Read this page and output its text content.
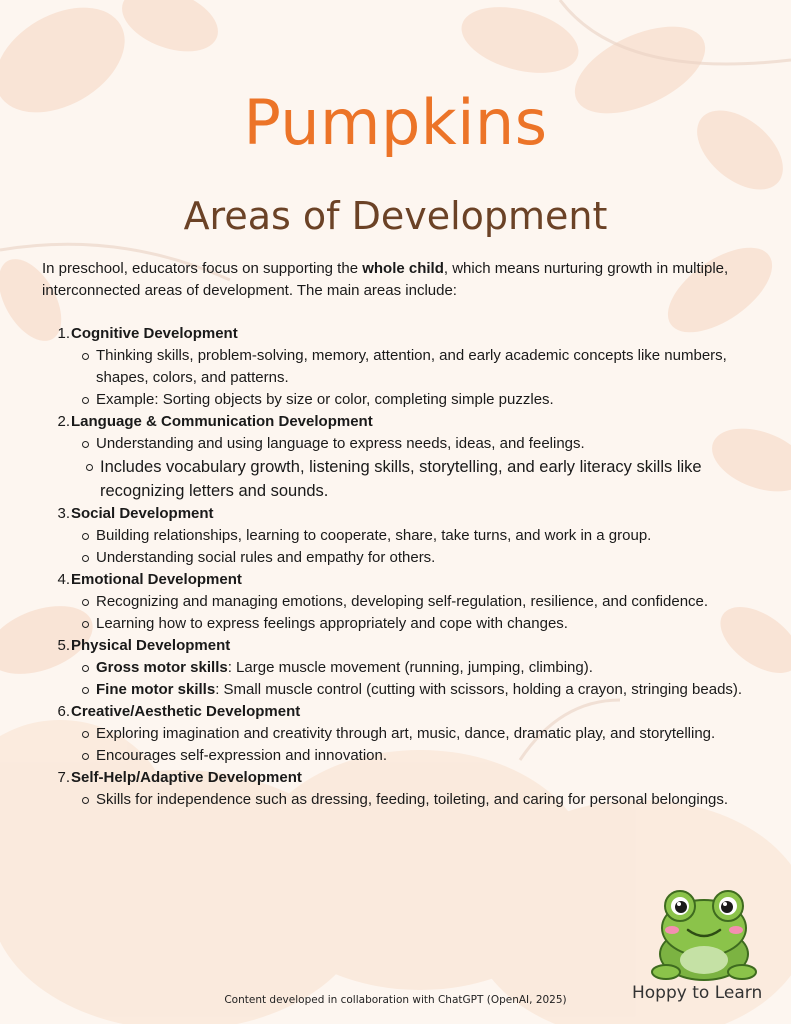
Pumpkins
Areas of Development

In preschool, educators focus on supporting the whole child, which means nurturing growth in multiple, interconnected areas of development. The main areas include:

1. Cognitive Development
Thinking skills, problem-solving, memory, attention, and early academic concepts like numbers, shapes, colors, and patterns.
Example: Sorting objects by size or color, completing simple puzzles.
2. Language & Communication Development
Understanding and using language to express needs, ideas, and feelings.
Includes vocabulary growth, listening skills, storytelling, and early literacy skills like recognizing letters and sounds.
3. Social Development
Building relationships, learning to cooperate, share, take turns, and work in a group.
Understanding social rules and empathy for others.
4. Emotional Development
Recognizing and managing emotions, developing self-regulation, resilience, and confidence.
Learning how to express feelings appropriately and cope with changes.
5. Physical Development
Gross motor skills: Large muscle movement (running, jumping, climbing).
Fine motor skills: Small muscle control (cutting with scissors, holding a crayon, stringing beads).
6. Creative/Aesthetic Development
Exploring imagination and creativity through art, music, dance, dramatic play, and storytelling.
Encourages self-expression and innovation.
7. Self-Help/Adaptive Development
Skills for independence such as dressing, feeding, toileting, and caring for personal belongings.
Hoppy to Learn
Content developed in collaboration with ChatGPT (OpenAI, 2025)
